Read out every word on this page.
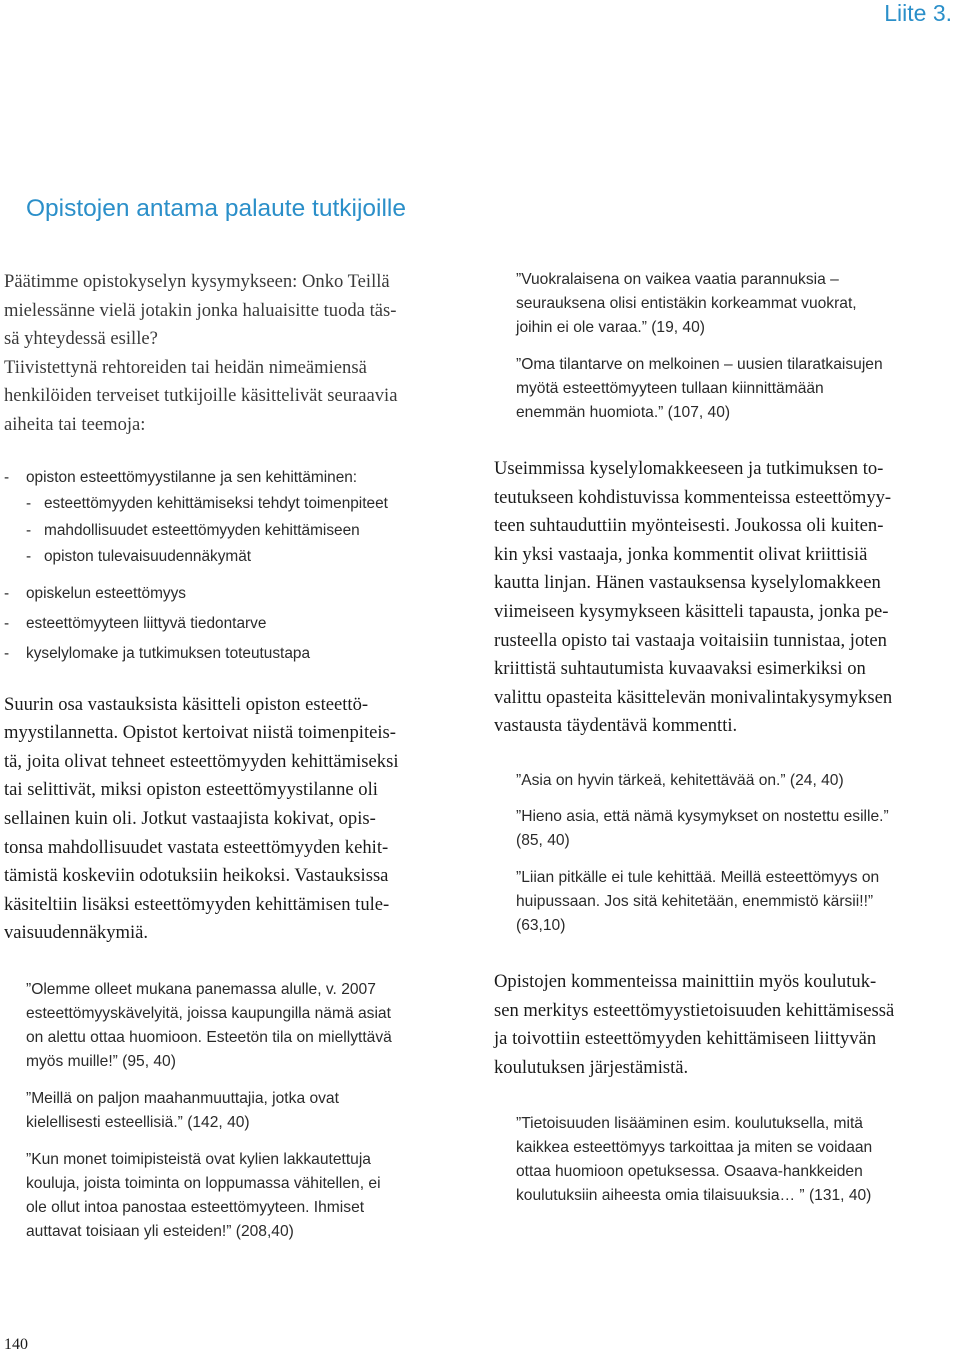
Liite 3.
Opistojen antama palaute tutkijoille
Päätimme opistokyselyn kysymykseen: Onko Teillä
mielessänne vielä jotakin jonka haluaisitte tuoda täs-
sä yhteydessä esille?
Tiivistettynä rehtoreiden tai heidän nimeämiensä
henkilöiden terveiset tutkijoille käsittelivät seuraavia
aiheita tai teemoja:
- opiston esteettömyystilanne ja sen kehittäminen:
- esteettömyyden kehittämiseksi tehdyt toimenpiteet
- mahdollisuudet esteettömyyden kehittämiseen
- opiston tulevaisuudennäkymät
- opiskelun esteettömyys
- esteettömyyteen liittyvä tiedontarve
- kyselylomake ja tutkimuksen toteutustapa
Suurin osa vastauksista käsitteli opiston esteettö-
myystilannetta. Opistot kertoivat niistä toimenpiteis-
tä, joita olivat tehneet esteettömyyden kehittämiseksi
tai selittivät, miksi opiston esteettömyystilanne oli
sellainen kuin oli. Jotkut vastaajista kokivat, opis-
tonsa mahdollisuudet vastata esteettömyyden kehit-
tämistä koskeviin odotuksiin heikoksi. Vastauksissa
käsiteltiin lisäksi esteettömyyden kehittämisen tule-
vaisuudennäkymiä.
”Olemme olleet mukana panemassa alulle, v. 2007
esteettömyyskävelyitä, joissa kaupungilla nämä asiat
on alettu ottaa huomioon. Esteetön tila on miellyttävä
myös muille!” (95, 40)
”Meillä on paljon maahanmuuttajia, jotka ovat
kielellisesti esteellisiä.” (142, 40)
”Kun monet toimipisteistä ovat kylien lakkautettuja
kouluja, joista toiminta on loppumassa vähitellen, ei
ole ollut intoa panostaa esteettömyyteen. Ihmiset
auttavat toisiaan yli esteiden!” (208,40)
”Vuokralaisena on vaikea vaatia parannuksia –
seurauksena olisi entistäkin korkeammat vuokrat,
joihin ei ole varaa.” (19, 40)
”Oma tilantarve on melkoinen – uusien tilaratkaisujen
myötä esteettömyyteen tullaan kiinnittämään
enemmän huomiota.” (107, 40)
Useimmissa kyselylomakkeeseen ja tutkimuksen to-
teutukseen kohdistuvissa kommenteissa esteettömyy-
teen suhtauduttiin myönteisesti. Joukossa oli kuiten-
kin yksi vastaaja, jonka kommentit olivat kriittisiä
kautta linjan. Hänen vastauksensa kyselylomakkeen
viimeiseen kysymykseen käsitteli tapausta, jonka pe-
rusteella opisto tai vastaaja voitaisiin tunnistaa, joten
kriittistä suhtautumista kuvaavaksi esimerkiksi on
valittu opasteita käsittelevän monivalintakysymyksen
vastausta täydentävä kommentti.
”Asia on hyvin tärkeä, kehitettävää on.” (24, 40)
”Hieno asia, että nämä kysymykset on nostettu esille.”
(85, 40)
”Liian pitkälle ei tule kehittää. Meillä esteettömyys on
huipussaan. Jos sitä kehitetään, enemmistö kärsii!!”
(63,10)
Opistojen kommenteissa mainittiin myös koulutuk-
sen merkitys esteettömyystietoisuuden kehittämisessä
ja toivottiin esteettömyyden kehittämiseen liittyvän
koulutuksen järjestämistä.
”Tietoisuuden lisääminen esim. koulutuksella, mitä
kaikkea esteettömyys tarkoittaa ja miten se voidaan
ottaa huomioon opetuksessa. Osaava-hankkeiden
koulutuksiin aiheesta omia tilaisuuksia… ” (131, 40)
140
